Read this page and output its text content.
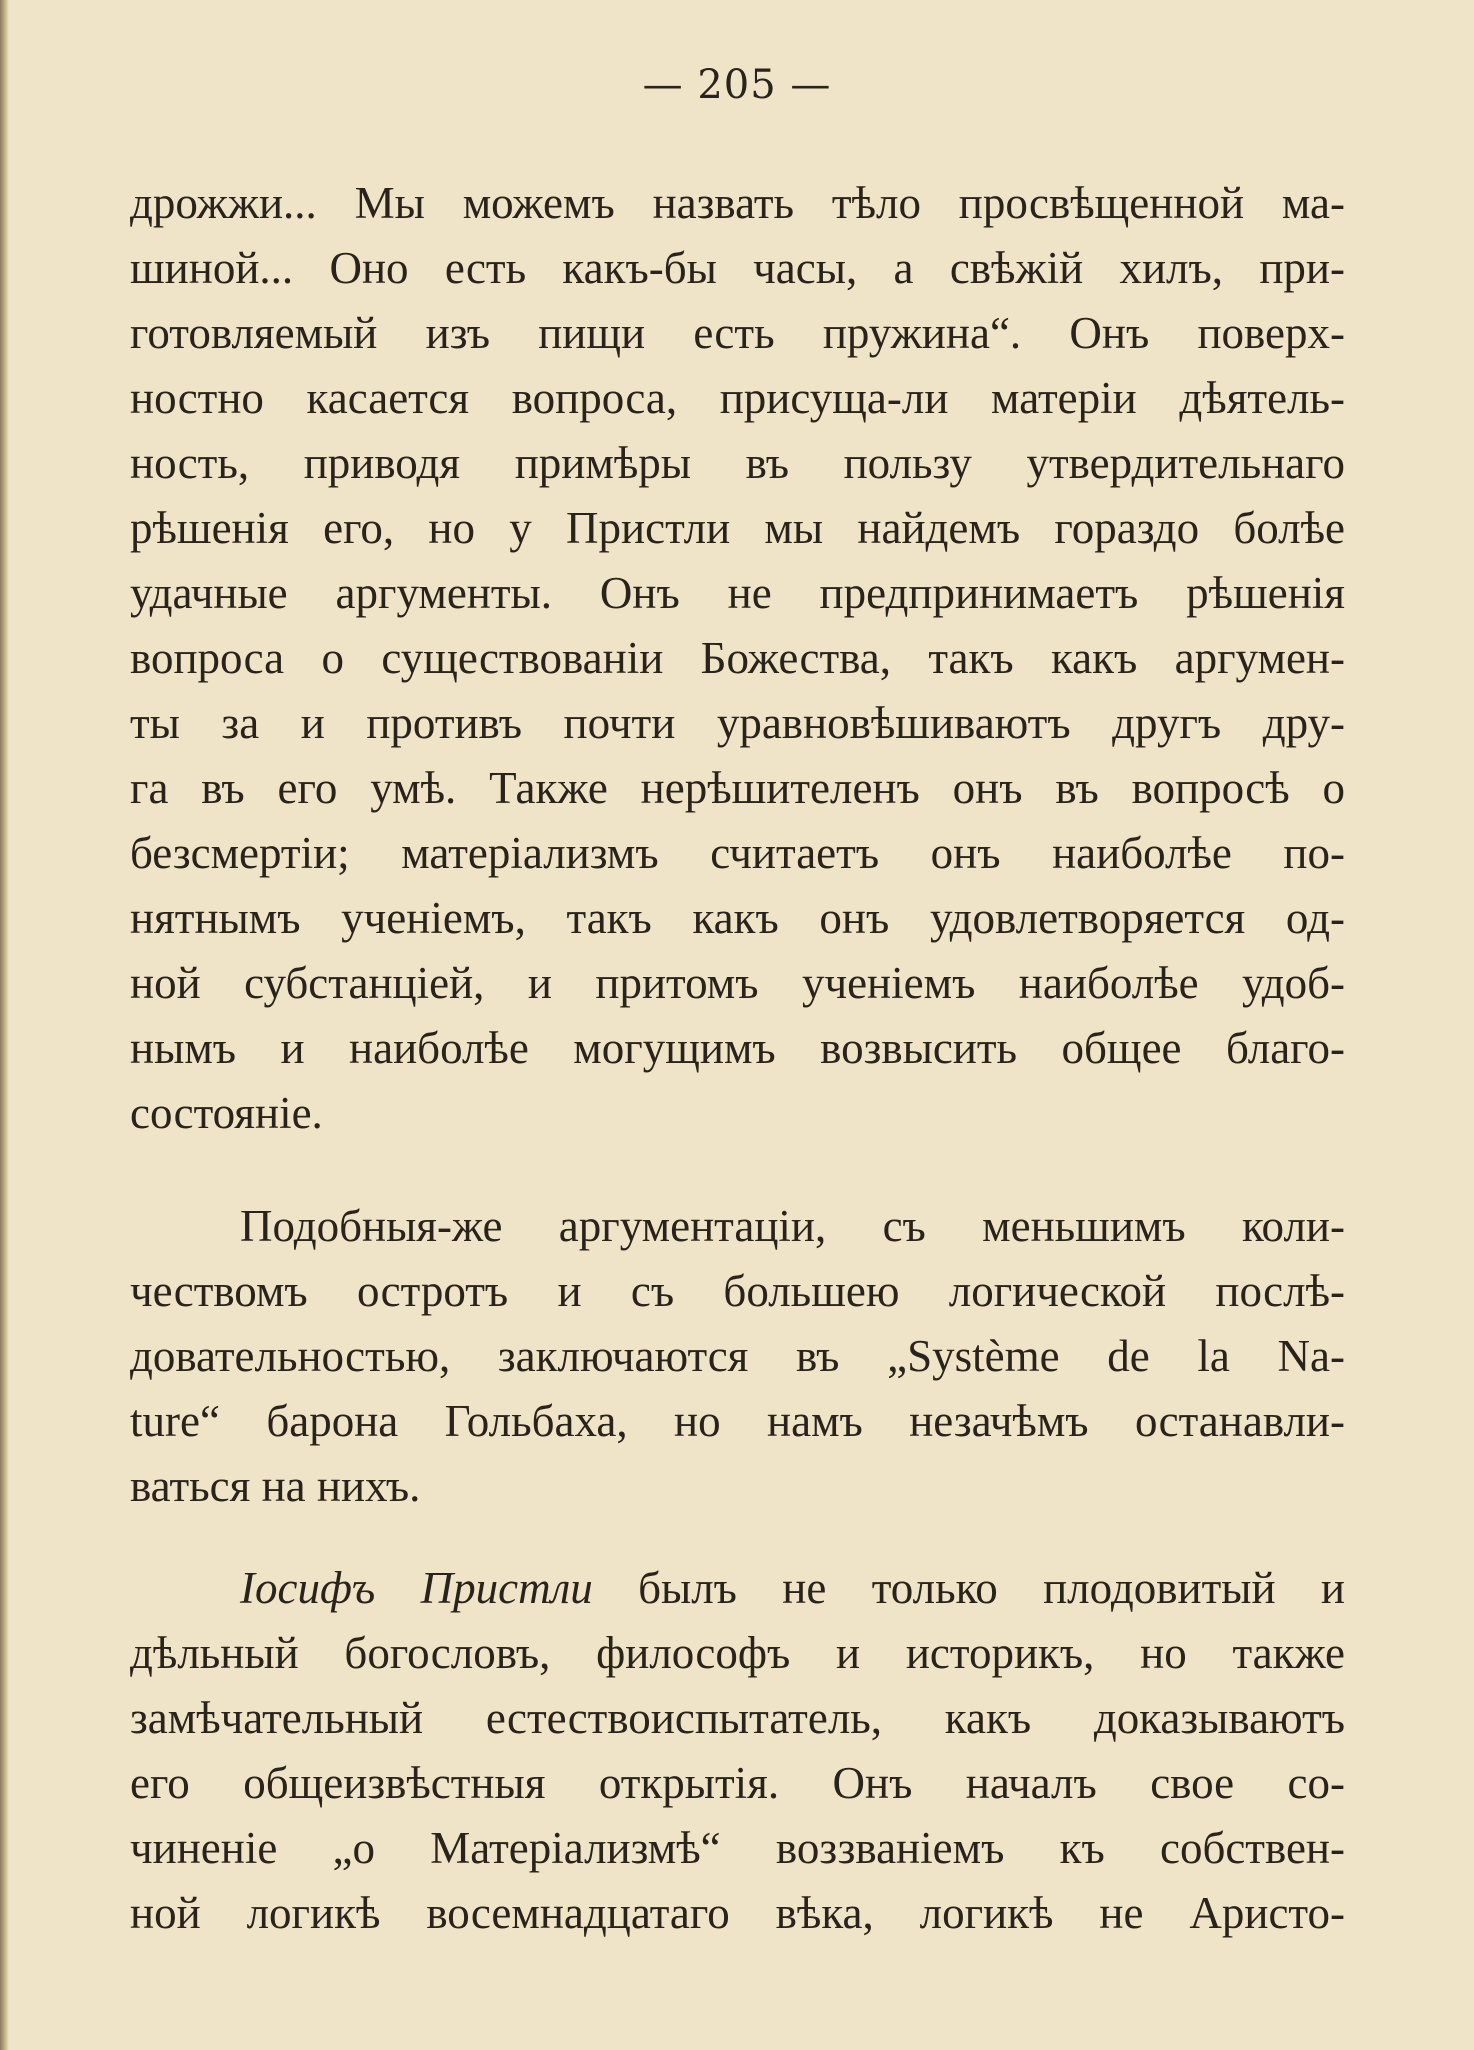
— 205 —
дрожжи... Мы можемъ назвать тѣло просвѣщенной ма-
шиной... Оно есть какъ-бы часы, а свѣжій хилъ, при-
готовляемый изъ пищи есть пружина“. Онъ поверх-
ностно касается вопроса, присуща-ли матеріи дѣятель-
ность, приводя примѣры въ пользу утвердительнаго
рѣшенія его, но у Пристли мы найдемъ гораздо болѣе
удачные аргументы. Онъ не предпринимаетъ рѣшенія
вопроса о существованіи Божества, такъ какъ аргумен-
ты за и противъ почти уравновѣшиваютъ другъ дру-
га въ его умѣ. Также нерѣшителенъ онъ въ вопросѣ о
безсмертіи; матеріализмъ считаетъ онъ наиболѣе по-
нятнымъ ученіемъ, такъ какъ онъ удовлетворяется од-
ной субстанціей, и притомъ ученіемъ наиболѣе удоб-
нымъ и наиболѣе могущимъ возвысить общее благо-
состояніе.
Подобныя-же аргументаціи, съ меньшимъ коли-
чествомъ остротъ и съ большею логической послѣ-
довательностью, заключаются въ „Système de la Na-
ture“ барона Гольбаха, но намъ незачѣмъ останавли-
ваться на нихъ.
Іосифъ Пристли былъ не только плодовитый и
дѣльный богословъ, философъ и историкъ, но также
замѣчательный естествоиспытатель, какъ доказываютъ
его общеизвѣстныя открытія. Онъ началъ свое со-
чиненіе „о Матеріализмѣ“ воззваніемъ къ собствен-
ной логикѣ восемнадцатаго вѣка, логикѣ не Аристо-
